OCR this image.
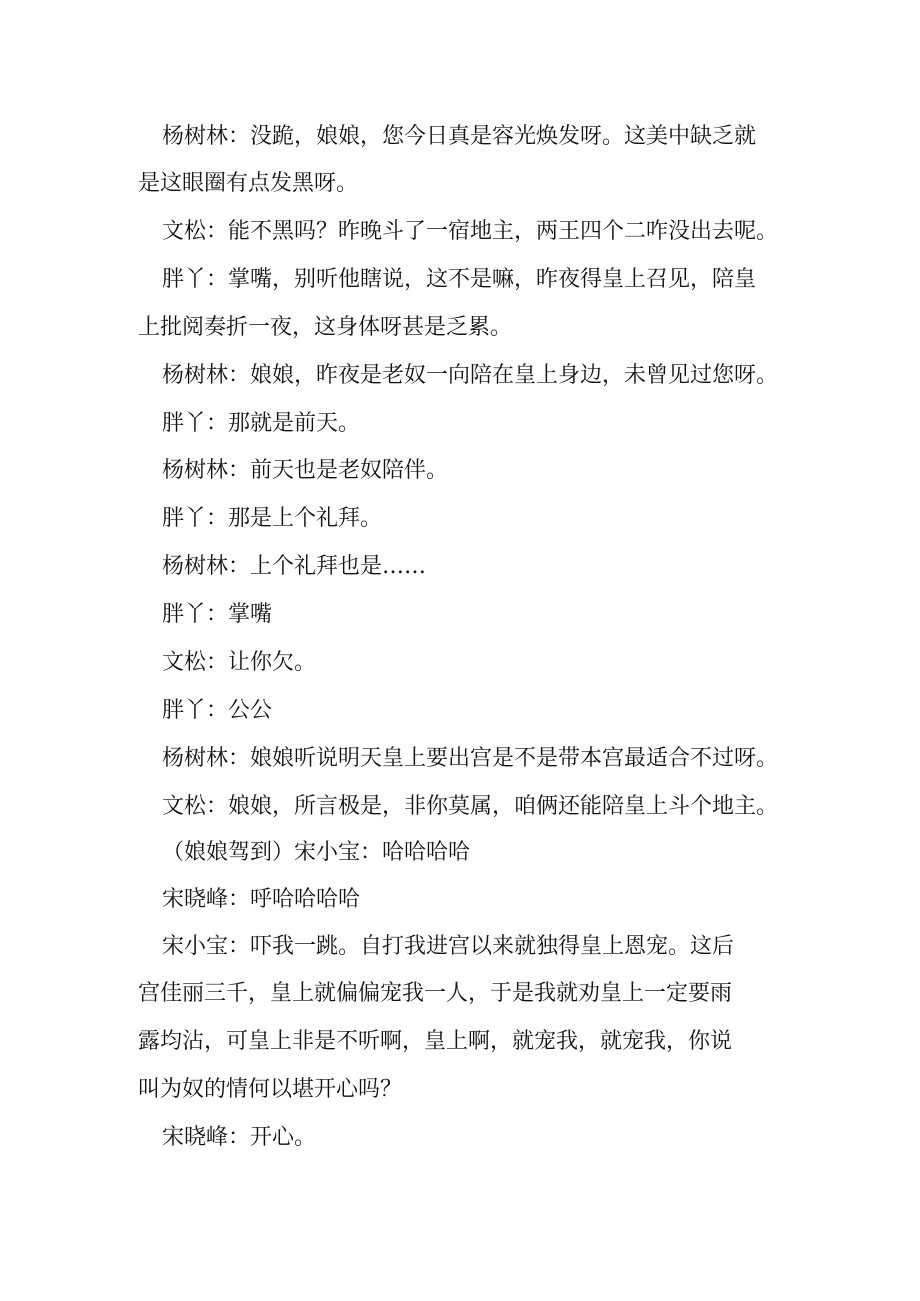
杨树林：没跪，娘娘，您今日真是容光焕发呀。这美中缺乏就
是这眼圈有点发黑呀。
文松：能不黑吗？昨晚斗了一宿地主，两王四个二咋没出去呢。
胖丫：掌嘴，别听他瞎说，这不是嘛，昨夜得皇上召见，陪皇
上批阅奏折一夜，这身体呀甚是乏累。
杨树林：娘娘，昨夜是老奴一向陪在皇上身边，未曾见过您呀。
胖丫：那就是前天。
杨树林：前天也是老奴陪伴。
胖丫：那是上个礼拜。
杨树林：上个礼拜也是……
胖丫：掌嘴
文松：让你欠。
胖丫：公公
杨树林：娘娘听说明天皇上要出宫是不是带本宫最适合不过呀。
文松：娘娘，所言极是，非你莫属，咱俩还能陪皇上斗个地主。
（娘娘驾到）宋小宝：哈哈哈哈
宋晓峰：呼哈哈哈哈
宋小宝：吓我一跳。自打我进宫以来就独得皇上恩宠。这后
宫佳丽三千，皇上就偏偏宠我一人，于是我就劝皇上一定要雨
露均沾，可皇上非是不听啊，皇上啊，就宠我，就宠我，你说
叫为奴的情何以堪开心吗？
宋晓峰：开心。
